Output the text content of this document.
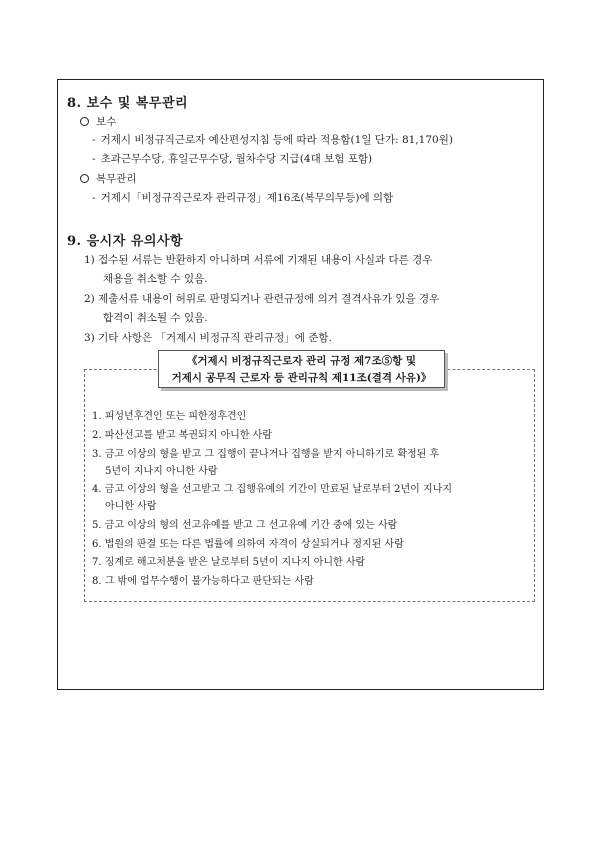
8. 보수 및 복무관리
보수
- 거제시 비정규직근로자 예산편성지침 등에 따라 적용함(1일 단가: 81,170원)
- 초과근무수당, 휴일근무수당, 월차수당 지급(4대 보험 포함)
복무관리
- 거제시「비정규직근로자 관리규정」제16조(복무의무등)에 의함
9. 응시자 유의사항
1) 접수된 서류는 반환하지 아니하며 서류에 기재된 내용이 사실과 다른 경우
채용을 취소할 수 있음.
2) 제출서류 내용이 허위로 판명되거나 관련규정에 의거 결격사유가 있을 경우
합격이 취소될 수 있음.
3) 기타 사항은 「거제시 비정규직 관리규정」에 준함.
《거제시 비정규직근로자 관리 규정 제7조⑤항 및
거제시 공무직 근로자 등 관리규칙 제11조(결격 사유)》
1. 피성년후견인 또는 피한정후견인
2. 파산선고를 받고 복권되지 아니한 사람
3. 금고 이상의 형을 받고 그 집행이 끝나거나 집행을 받지 아니하기로 확정된 후
5년이 지나지 아니한 사람
4. 금고 이상의 형을 선고받고 그 집행유예의 기간이 만료된 날로부터 2년이 지나지
아니한 사람
5. 금고 이상의 형의 선고유예를 받고 그 선고유예 기간 중에 있는 사람
6. 법원의 판결 또는 다른 법률에 의하여 자격이 상실되거나 정지된 사람
7. 징계로 해고처분을 받은 날로부터 5년이 지나지 아니한 사람
8. 그 밖에 업무수행이 불가능하다고 판단되는 사람
